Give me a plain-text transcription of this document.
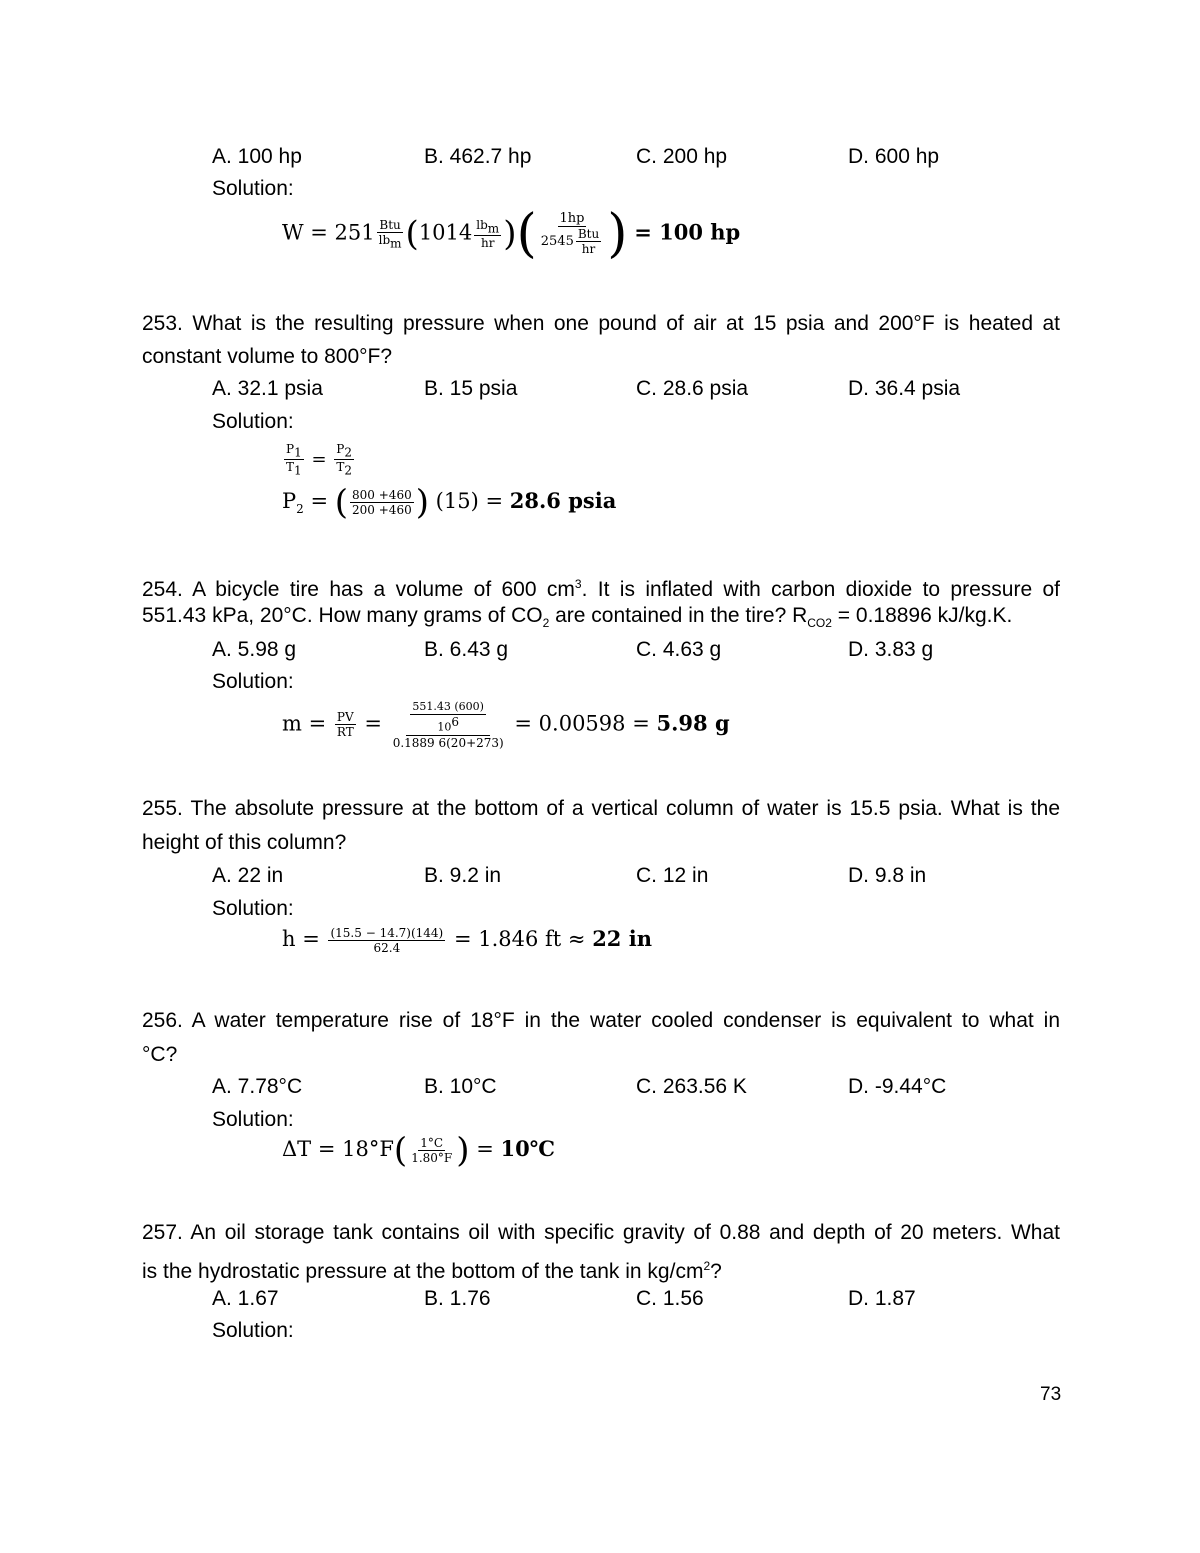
A. 100 hp	B. 462.7 hp	C. 200 hp	D. 600 hp
Solution:
$W = 251 \frac{\text{Btu}}{lb_m} (1014 \frac{lb_m}{hr}$ )( $\frac{1hp}{2545 \frac{\text{Btu}}{hr}}$ ) = 100 hp
253. What is the resulting pressure when one pound of air at 15 psia and 200°F is heated at
constant volume to 800°F?
A. 32.1 psia	B. 15 psia	C. 28.6 psia	D. 36.4 psia
Solution:
$\frac{P_1}{T_1} = \frac{P_2}{T_2}$
$P_2$ = ( $\frac{800 +460}{200 +460}$ ) (15) = 28.6 psia
254. A bicycle tire has a volume of 600 $cm^3$. It is inflated with carbon dioxide to pressure of
551.43 kPa, 20°C. How many grams of $CO_2$ are contained in the tire? $R_{CO2} = 0.18896$ kJ/kg.K.
A. 5.98 g	B. 6.43 g	C. 4.63 g	D. 3.83 g
Solution:
$m = \frac{PV}{RT} = \frac{\frac{551.43 (600)}{10^6}}{0.1889 6(20+273)} = 0.00598 = 5.98$ g
255. The absolute pressure at the bottom of a vertical column of water is 15.5 psia. What is the
height of this column?
A. 22 in	B. 9.2 in	C. 12 in	D. 9.8 in
Solution:
$h = \frac{(15.5 - 14.7)(144)}{62.4} = 1.846$ ft ≈ 22 in
256. A water temperature rise of 18°F in the water cooled condenser is equivalent to what in
°C?
A. 7.78°C	B. 10°C	C. 263.56 K	D. -9.44°C
Solution:
$\Delta T = 18^\circ F( \frac{1^\circ C}{1.80^\circ F}$ ) = 10℃
257. An oil storage tank contains oil with specific gravity of 0.88 and depth of 20 meters. What
is the hydrostatic pressure at the bottom of the tank in $kg/cm^2$?
A. 1.67	B. 1.76	C. 1.56	D. 1.87
Solution:
73
